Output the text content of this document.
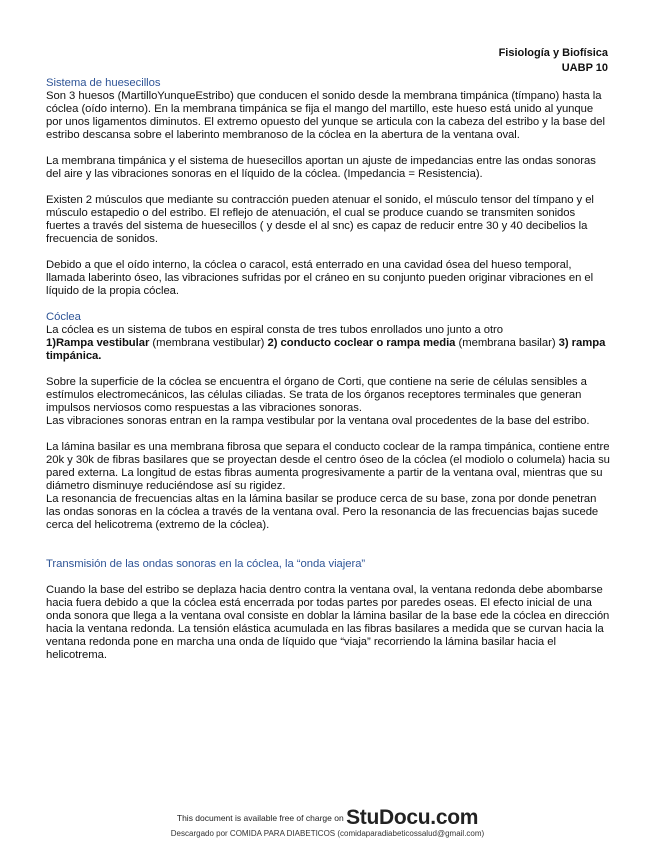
Fisiología y Biofísica
UABP 10

Sistema de huesecillos

Son 3 huesos (MartilloYunqueEstribo) que conducen el sonido desde la membrana timpánica (tímpano) hasta la cóclea (oído interno). En la membrana timpánica se fija el mango del martillo, este hueso está unido al yunque por unos ligamentos diminutos. El extremo opuesto del yunque se articula con la cabeza del estribo y la base del estribo descansa sobre el laberinto membranoso de la cóclea en la abertura de la ventana oval.

La membrana timpánica y el sistema de huesecillos aportan un ajuste de impedancias entre las ondas sonoras del aire y las vibraciones sonoras en el líquido de la cóclea. (Impedancia = Resistencia).

Existen 2 músculos que mediante su contracción pueden atenuar el sonido, el músculo tensor del tímpano y el músculo estapedio o del estribo. El reflejo de atenuación, el cual se produce cuando se transmiten sonidos fuertes a través del sistema de huesecillos ( y desde el al snc) es capaz de reducir entre 30 y 40 decibelios la frecuencia de sonidos.

Debido a que el oído interno, la cóclea o caracol, está enterrado en una cavidad ósea del hueso temporal, llamada laberinto óseo, las vibraciones sufridas por el cráneo en su conjunto pueden originar vibraciones en el líquido de la propia cóclea.

Cóclea

La cóclea es un sistema de tubos en espiral consta de tres tubos enrollados uno junto a otro

1)Rampa vestibular (membrana vestibular) 2) conducto coclear o rampa media (membrana basilar) 3) rampa timpánica.

Sobre la superficie de la cóclea se encuentra el órgano de Corti, que contiene na serie de células sensibles a estímulos electromecánicos, las células ciliadas. Se trata de los órganos receptores terminales que generan impulsos nerviosos como respuestas a las vibraciones sonoras.

Las vibraciones sonoras entran en la rampa vestibular por la ventana oval procedentes de la base del estribo.

La lámina basilar es una membrana fibrosa que separa el conducto coclear de la rampa timpánica, contiene entre 20k y 30k de fibras basilares que se proyectan desde el centro óseo de la cóclea (el modiolo o columela) hacia su pared externa. La longitud de estas fibras aumenta progresivamente a partir de la ventana oval, mientras que su diámetro disminuye reduciéndose así su rigidez.

La resonancia de frecuencias altas en la lámina basilar se produce cerca de su base, zona por donde penetran las ondas sonoras en la cóclea a través de la ventana oval. Pero la resonancia de las frecuencias bajas sucede cerca del helicotrema (extremo de la cóclea).

Transmisión de las ondas sonoras en la cóclea, la “onda viajera”

Cuando la base del estribo se deplaza hacia dentro contra la ventana oval, la ventana redonda debe abombarse hacia fuera debido a que la cóclea está encerrada por todas partes por paredes oseas. El efecto inicial de una onda sonora que llega a la ventana oval consiste en doblar la lámina basilar de la base ede la cóclea en dirección hacia la ventana redonda. La tensión elástica acumulada en las fibras basilares a medida que se curvan hacia la ventana redonda pone en marcha una onda de líquido que “viaja” recorriendo la lámina basilar hacia el helicotrema.

This document is available free of charge on StuDocu.com
Descargado por COMIDA PARA DIABETICOS (comidaparadiabeticossalud@gmail.com)
